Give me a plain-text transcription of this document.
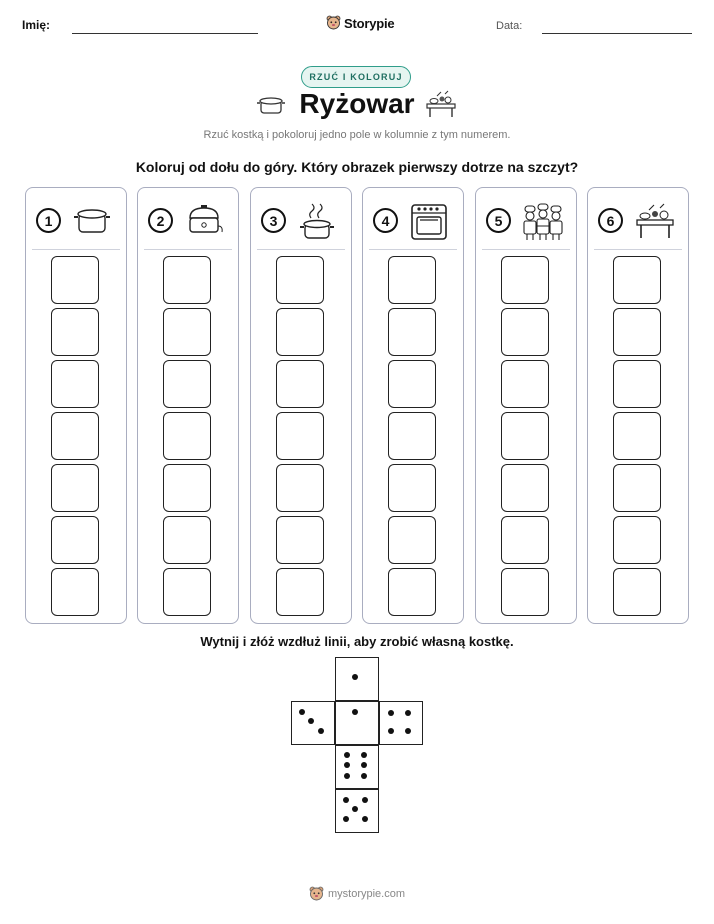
Imię:	Storypie	Data:
RZUĆ I KOLORUJ
Ryżowar
Rzuć kostką i pokoloruj jedno pole w kolumnie z tym numerem.
Koloruj od dołu do góry. Który obrazek pierwszy dotrze na szczyt?
1	2	3	4	5	6
Wytnij i złóż wzdłuż linii, aby zrobić własną kostkę.
mystorypie.com
